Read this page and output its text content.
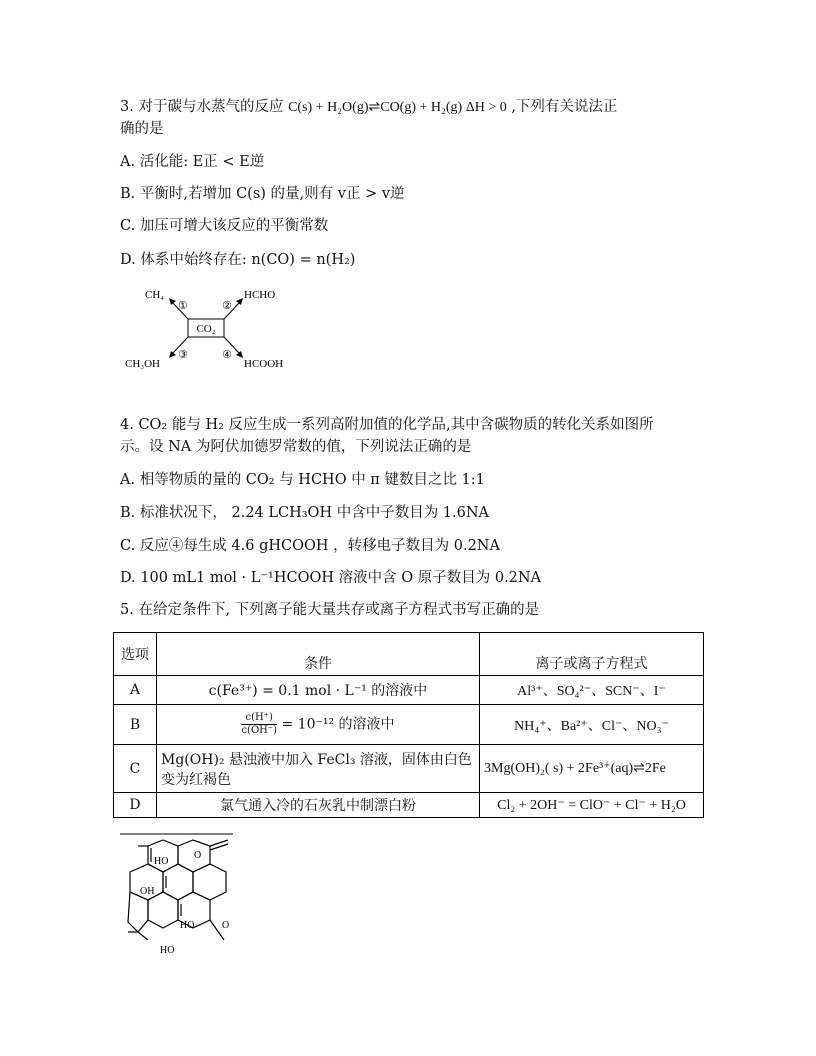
3. 对于碳与水蒸气的反应 C(s) + H₂O(g)⇌CO(g) + H₂(g) ΔH > 0 ,下列有关说法正
确的是
A. 活化能: E正 < E逆
B. 平衡时,若增加 C(s) 的量,则有 v正 > v逆
C. 加压可增大该反应的平衡常数
D. 体系中始终存在: n(CO) = n(H₂)
CO₂
CH₄	HCHO
CH₃OH	HCOOH
①	②
③	④
4. CO₂ 能与 H₂ 反应生成一系列高附加值的化学品,其中含碳物质的转化关系如图所
示。设 NA 为阿伏加德罗常数的值，下列说法正确的是
A. 相等物质的量的 CO₂ 与 HCHO 中 π 键数目之比 1:1
B. 标准状况下， 2.24 LCH₃OH 中含中子数目为 1.6NA
C. 反应④每生成 4.6 gHCOOH ，转移电子数目为 0.2NA
D. 100 mL1 mol · L⁻¹HCOOH 溶液中含 O 原子数目为 0.2NA
5. 在给定条件下, 下列离子能大量共存或离子方程式书写正确的是
选项	条件	离子或离子方程式
A	c(Fe³⁺) = 0.1 mol · L⁻¹ 的溶液中	Al³⁺、SO₄²⁻、SCN⁻、I⁻
B	$\frac{c(H^+)}{c(OH^-)} = 10^{-12}$ 的溶液中	NH₄⁺、Ba²⁺、Cl⁻、NO₃⁻
C	Mg(OH)₂ 悬浊液中加入 FeCl₃ 溶液，固体由白色变为红褐色	3Mg(OH)₂( s) + 2Fe³⁺(aq)⇌2Fe
D	氯气通入冷的石灰乳中制漂白粉	Cl₂ + 2OH⁻ = ClO⁻ + Cl⁻ + H₂O
HO
O
OH
HO	O
HO
